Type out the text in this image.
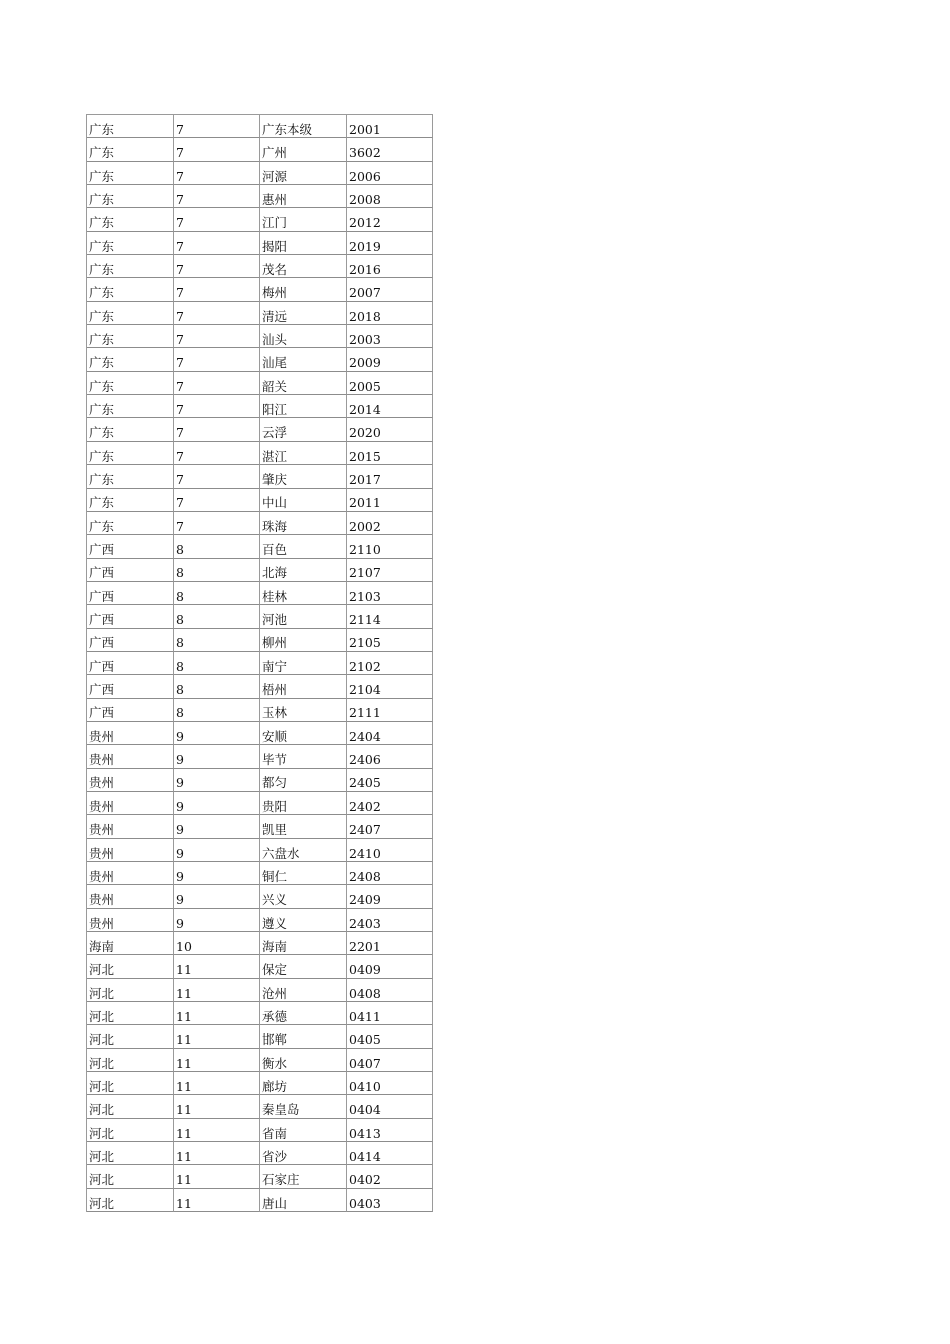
广东	7	广东本级	2001
广东	7	广州	3602
广东	7	河源	2006
广东	7	惠州	2008
广东	7	江门	2012
广东	7	揭阳	2019
广东	7	茂名	2016
广东	7	梅州	2007
广东	7	清远	2018
广东	7	汕头	2003
广东	7	汕尾	2009
广东	7	韶关	2005
广东	7	阳江	2014
广东	7	云浮	2020
广东	7	湛江	2015
广东	7	肇庆	2017
广东	7	中山	2011
广东	7	珠海	2002
广西	8	百色	2110
广西	8	北海	2107
广西	8	桂林	2103
广西	8	河池	2114
广西	8	柳州	2105
广西	8	南宁	2102
广西	8	梧州	2104
广西	8	玉林	2111
贵州	9	安顺	2404
贵州	9	毕节	2406
贵州	9	都匀	2405
贵州	9	贵阳	2402
贵州	9	凯里	2407
贵州	9	六盘水	2410
贵州	9	铜仁	2408
贵州	9	兴义	2409
贵州	9	遵义	2403
海南	10	海南	2201
河北	11	保定	0409
河北	11	沧州	0408
河北	11	承德	0411
河北	11	邯郸	0405
河北	11	衡水	0407
河北	11	廊坊	0410
河北	11	秦皇岛	0404
河北	11	省南	0413
河北	11	省沙	0414
河北	11	石家庄	0402
河北	11	唐山	0403
